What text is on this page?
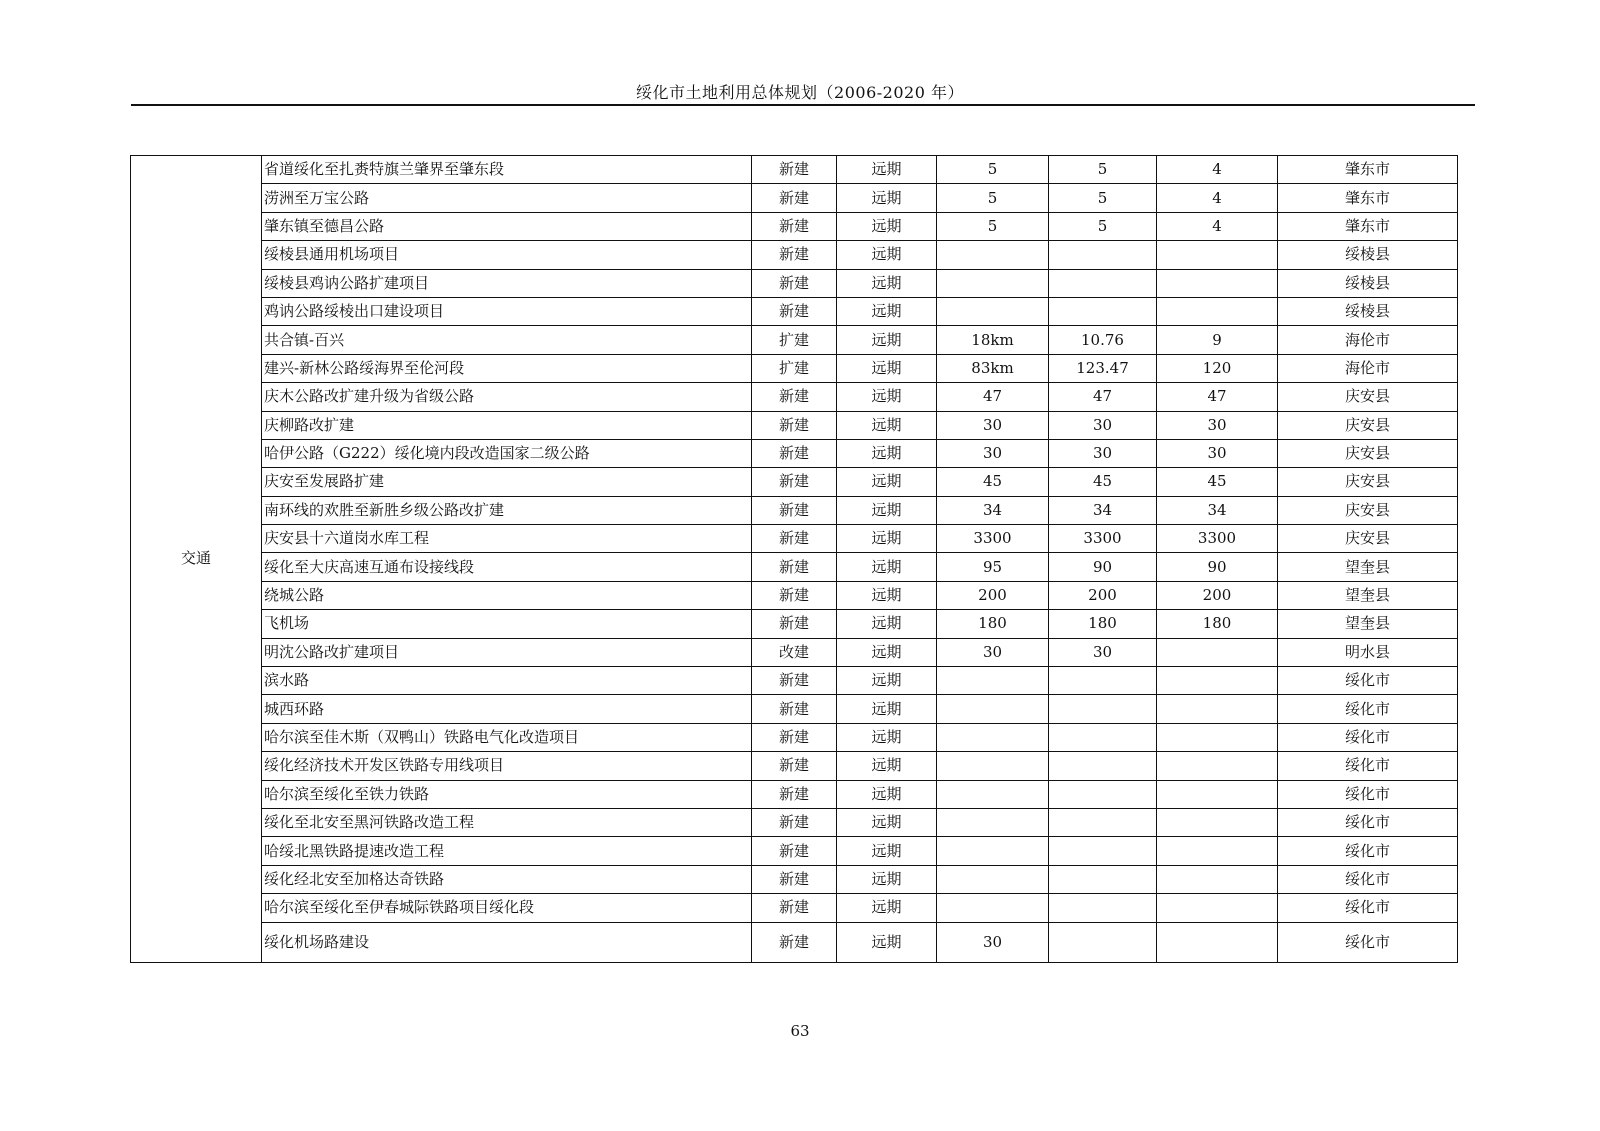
绥化市土地利用总体规划（2006-2020 年）
交通	省道绥化至扎赉特旗兰肇界至肇东段	新建	远期	5	5	4	肇东市
	涝洲至万宝公路	新建	远期	5	5	4	肇东市
	肇东镇至德昌公路	新建	远期	5	5	4	肇东市
	绥棱县通用机场项目	新建	远期				绥棱县
	绥棱县鸡讷公路扩建项目	新建	远期				绥棱县
	鸡讷公路绥棱出口建设项目	新建	远期				绥棱县
	共合镇-百兴	扩建	远期	18km	10.76	9	海伦市
	建兴-新林公路绥海界至伦河段	扩建	远期	83km	123.47	120	海伦市
	庆木公路改扩建升级为省级公路	新建	远期	47	47	47	庆安县
	庆柳路改扩建	新建	远期	30	30	30	庆安县
	哈伊公路（G222）绥化境内段改造国家二级公路	新建	远期	30	30	30	庆安县
	庆安至发展路扩建	新建	远期	45	45	45	庆安县
	南环线的欢胜至新胜乡级公路改扩建	新建	远期	34	34	34	庆安县
	庆安县十六道岗水库工程	新建	远期	3300	3300	3300	庆安县
	绥化至大庆高速互通布设接线段	新建	远期	95	90	90	望奎县
	绕城公路	新建	远期	200	200	200	望奎县
	飞机场	新建	远期	180	180	180	望奎县
	明沈公路改扩建项目	改建	远期	30	30		明水县
	滨水路	新建	远期				绥化市
	城西环路	新建	远期				绥化市
	哈尔滨至佳木斯（双鸭山）铁路电气化改造项目	新建	远期				绥化市
	绥化经济技术开发区铁路专用线项目	新建	远期				绥化市
	哈尔滨至绥化至铁力铁路	新建	远期				绥化市
	绥化至北安至黑河铁路改造工程	新建	远期				绥化市
	哈绥北黑铁路提速改造工程	新建	远期				绥化市
	绥化经北安至加格达奇铁路	新建	远期				绥化市
	哈尔滨至绥化至伊春城际铁路项目绥化段	新建	远期				绥化市
	绥化机场路建设	新建	远期	30			绥化市
63
